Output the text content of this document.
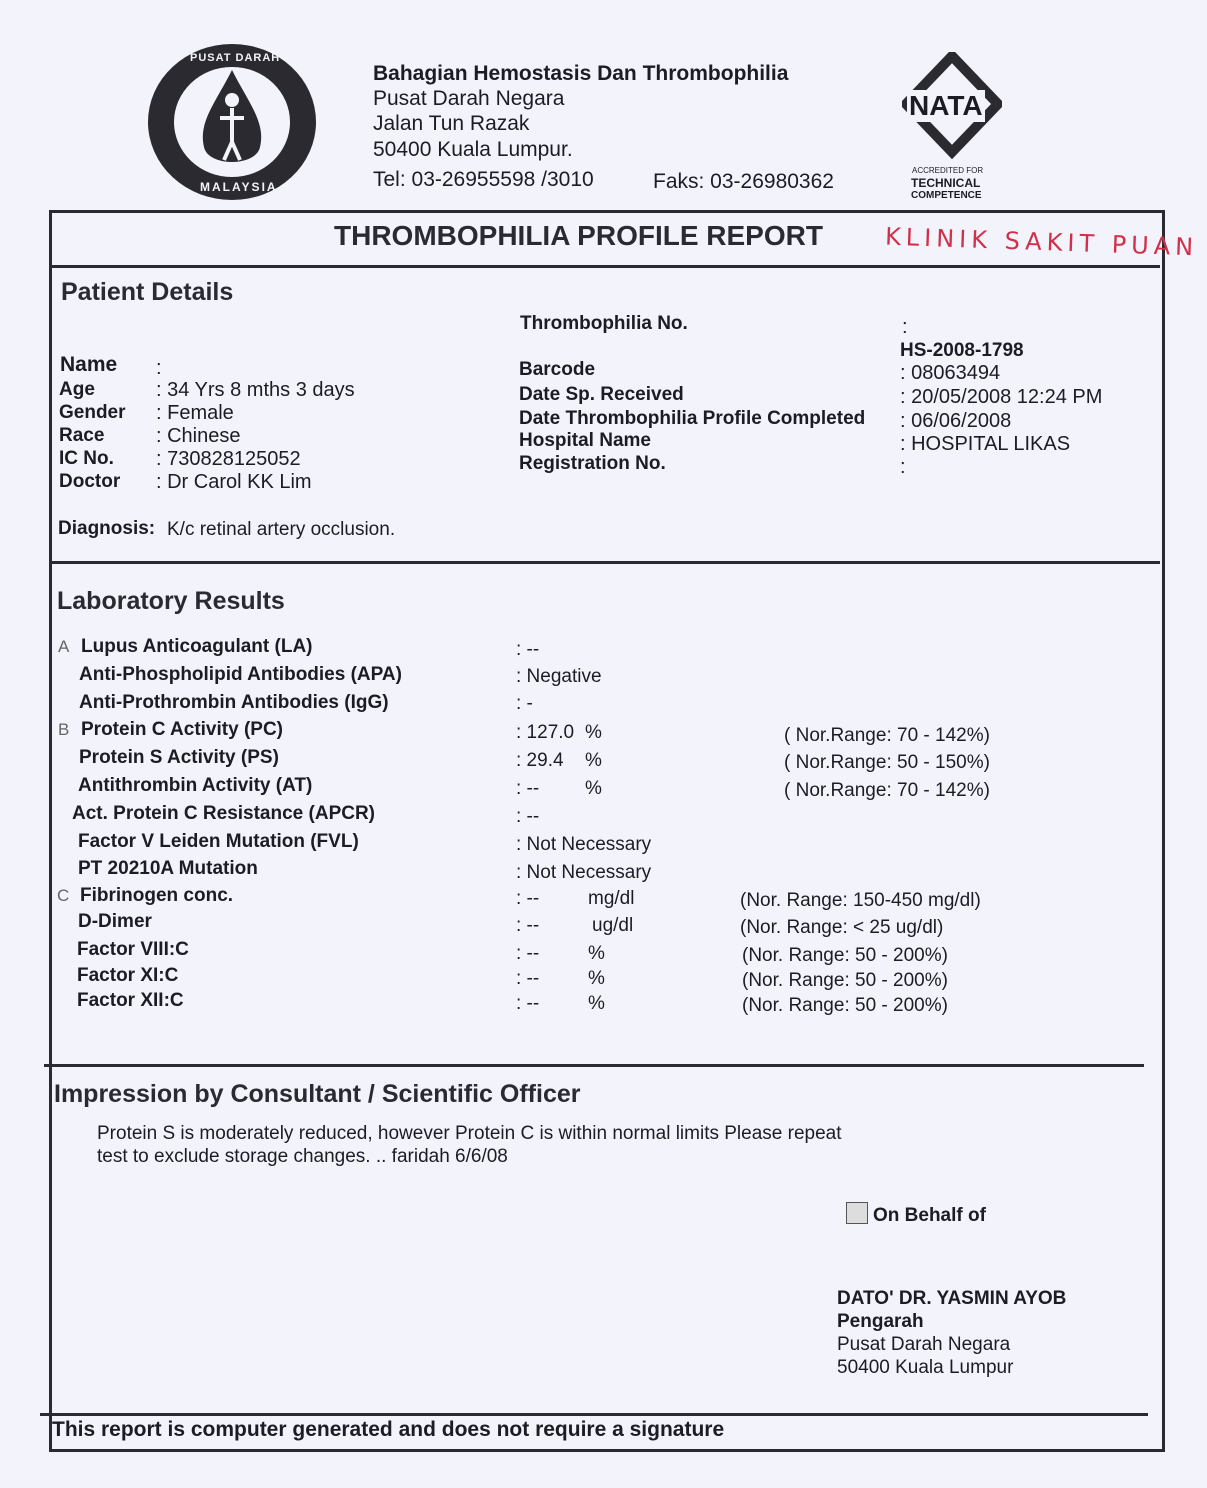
PUSAT DARAH NEGARA
MALAYSIA
Bahagian Hemostasis Dan Thrombophilia
Pusat Darah Negara
Jalan Tun Razak
50400 Kuala Lumpur.
Tel: 03-26955598 /3010	Faks: 03-26980362
NATA
ACCREDITED FOR
TECHNICAL
COMPETENCE
THROMBOPHILIA PROFILE REPORT	KLINIK SAKIT PUAN
Patient Details
Name :
Age	: 34 Yrs 8 mths 3 days
Gender : Female
Race	: Chinese
IC No. : 730828125052
Doctor : Dr Carol KK Lim
Thrombophilia No.	:
HS-2008-1798
Barcode	: 08063494
Date Sp. Received	: 20/05/2008 12:24 PM
Date Thrombophilia Profile Completed : 06/06/2008
Hospital Name	: HOSPITAL LIKAS
Registration No.	:
Diagnosis: K/c retinal artery occlusion.
Laboratory Results
A Lupus Anticoagulant (LA)	: --
Anti-Phospholipid Antibodies (APA)	: Negative
Anti-Prothrombin Antibodies (IgG)	: -
B Protein C Activity (PC)	: 127.0 %	( Nor.Range: 70 - 142%)
Protein S Activity (PS)	: 29.4 %	( Nor.Range: 50 - 150%)
Antithrombin Activity (AT)	: -- %	( Nor.Range: 70 - 142%)
Act. Protein C Resistance (APCR)	: --
Factor V Leiden Mutation (FVL)	: Not Necessary
PT 20210A Mutation	: Not Necessary
C Fibrinogen conc.	: --	mg/dl	(Nor. Range: 150-450 mg/dl)
D-Dimer	: --	ug/dl	(Nor. Range: < 25 ug/dl)
Factor VIII:C	: --	%	(Nor. Range: 50 - 200%)
Factor XI:C	: --	%	(Nor. Range: 50 - 200%)
Factor XII:C	: --	%	(Nor. Range: 50 - 200%)
Impression by Consultant / Scientific Officer
Protein S is moderately reduced, however Protein C is within normal limits Please repeat
test to exclude storage changes. .. faridah 6/6/08
On Behalf of
DATO' DR. YASMIN AYOB
Pengarah
Pusat Darah Negara
50400 Kuala Lumpur
This report is computer generated and does not require a signature
